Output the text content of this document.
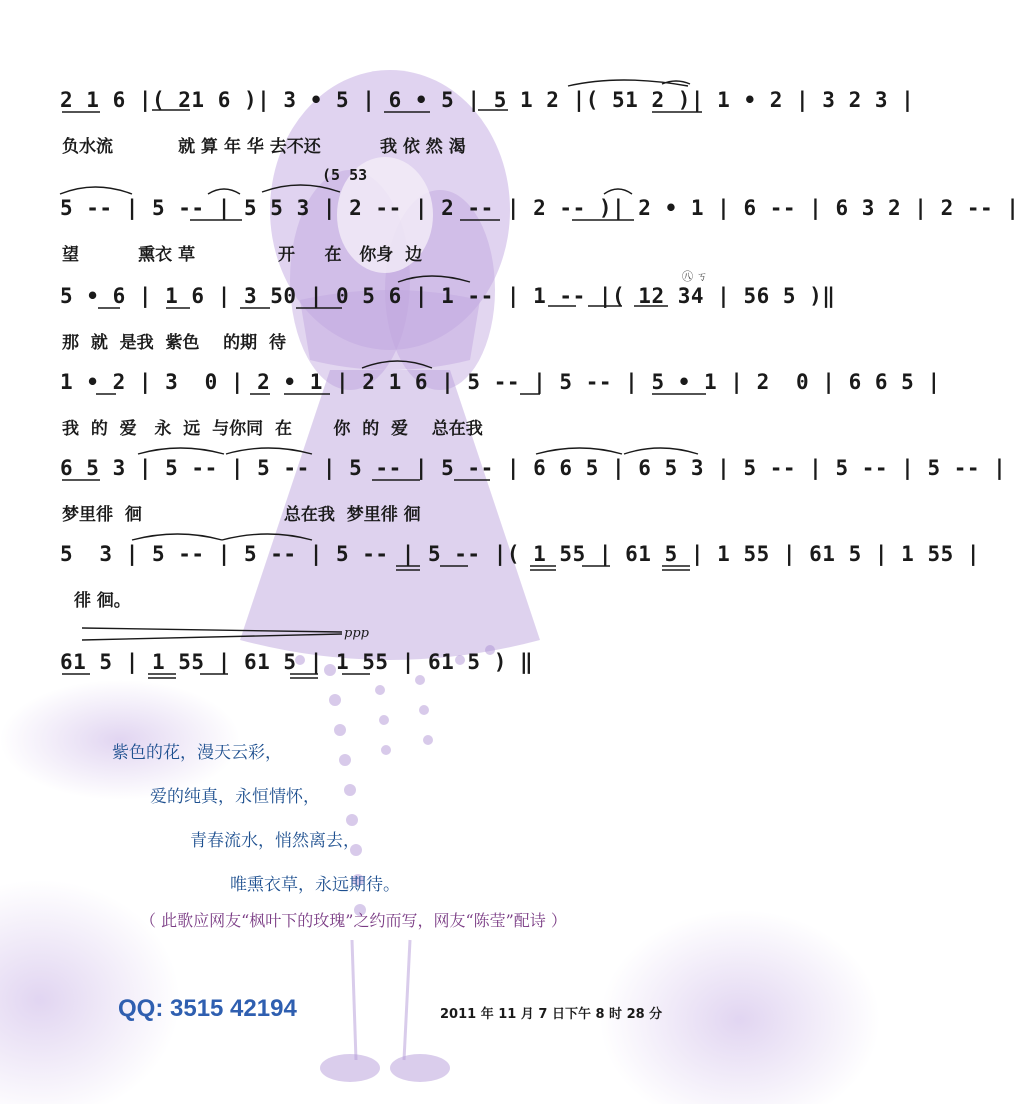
2 1 6 |( 21 6 )| 3 • 5 | 6 • 5 | 5 1 2 |( 51 2 )| 1 • 2 | 3 2 3 |
负水流           就 算 年 华 去不还          我 依 然 渴
(5 53
5 -- | 5 -- | 5 5 3 | 2 -- | 2 -- | 2 -- )| 2 • 1 | 6 -- | 6 3 2 | 2 -- |
望          熏衣 草              开     在   你身  边
5 • 6 | 1 6 | 3 50 | 0 5 6 | 1 -- | 1 -- |( 12 34 | 56 5 )‖
那  就  是我  紫色    的期  待
㊇ ㄎ
1 • 2 | 3  0 | 2 • 1 | 2 1 6 | 5 -- | 5 -- | 5 • 1 | 2  0 | 6 6 5 |
我  的  爱   永  远  与你同  在       你  的  爱    总在我
6 5 3 | 5 -- | 5 -- | 5 -- | 5 -- | 6 6 5 | 6 5 3 | 5 -- | 5 -- | 5 -- |
梦里徘  徊                        总在我  梦里徘 徊
5  3 | 5 -- | 5 -- | 5 -- | 5 -- |( 1 55 | 61 5 | 1 55 | 61 5 | 1 55 |
徘 徊。
ppp
61 5 | 1 55 | 61 5 | 1 55 | 61 5 ) ‖
紫色的花，漫天云彩，
爱的纯真，永恒情怀，
青春流水，悄然离去，
唯熏衣草，永远期待。
（ 此歌应网友“枫叶下的玫瑰”之约而写，网友“陈莹”配诗 ）
QQ: 3515 42194	2011 年 11 月 7 日下午 8 时 28 分
